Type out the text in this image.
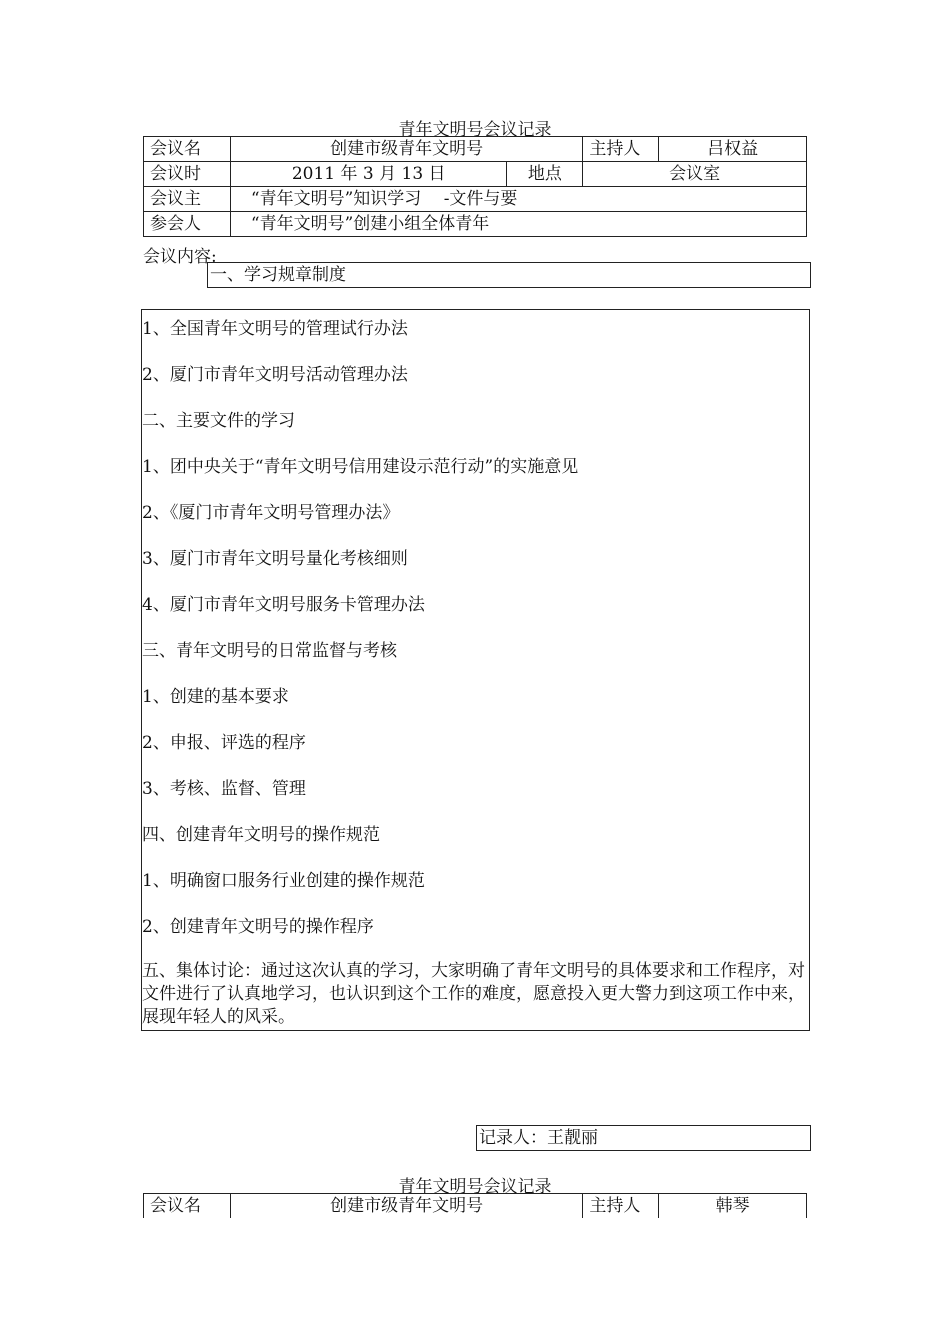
青年文明号会议记录
会议名	创建市级青年文明号		主持人	吕权益
会议时	2011 年 3 月 13 日	地点	会议室	
会议主	“青年文明号”知识学习　 -文件与要			
参会人	“青年文明号”创建小组全体青年			
会议内容:
一、学习规章制度
1、全国青年文明号的管理试行办法
2、厦门市青年文明号活动管理办法
二、主要文件的学习
1、团中央关于“青年文明号信用建设示范行动”的实施意见
2、《厦门市青年文明号管理办法》
3、厦门市青年文明号量化考核细则
4、厦门市青年文明号服务卡管理办法
三、青年文明号的日常监督与考核
1、创建的基本要求
2、申报、评选的程序
3、考核、监督、管理
四、创建青年文明号的操作规范
1、明确窗口服务行业创建的操作规范
2、创建青年文明号的操作程序
五、集体讨论：通过这次认真的学习，大家明确了青年文明号的具体要求和工作程序，对文件进行了认真地学习，也认识到这个工作的难度，愿意投入更大警力到这项工作中来，展现年轻人的风采。
记录人：王靓丽
青年文明号会议记录
会议名	创建市级青年文明号	主持人	韩琴
